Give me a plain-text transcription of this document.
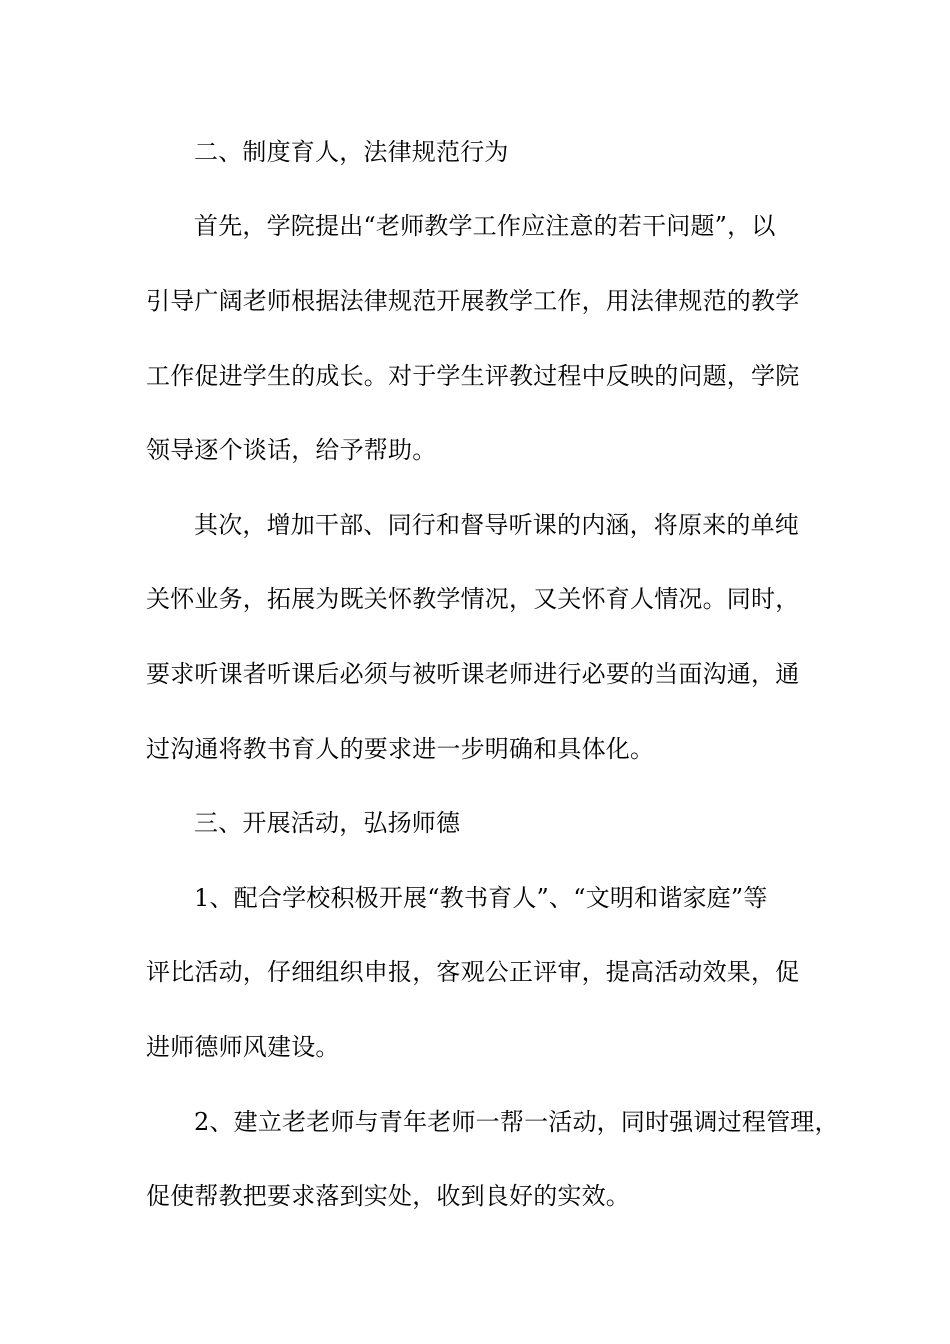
二、制度育人，法律规范行为
首先，学院提出“老师教学工作应注意的若干问题”，以
引导广阔老师根据法律规范开展教学工作，用法律规范的教学
工作促进学生的成长。对于学生评教过程中反映的问题，学院
领导逐个谈话，给予帮助。
其次，增加干部、同行和督导听课的内涵，将原来的单纯
关怀业务，拓展为既关怀教学情况，又关怀育人情况。同时，
要求听课者听课后必须与被听课老师进行必要的当面沟通，通
过沟通将教书育人的要求进一步明确和具体化。
三、开展活动，弘扬师德
1、配合学校积极开展“教书育人”、“文明和谐家庭”等
评比活动，仔细组织申报，客观公正评审，提高活动效果，促
进师德师风建设。
2、建立老老师与青年老师一帮一活动，同时强调过程管理，
促使帮教把要求落到实处，收到良好的实效。
